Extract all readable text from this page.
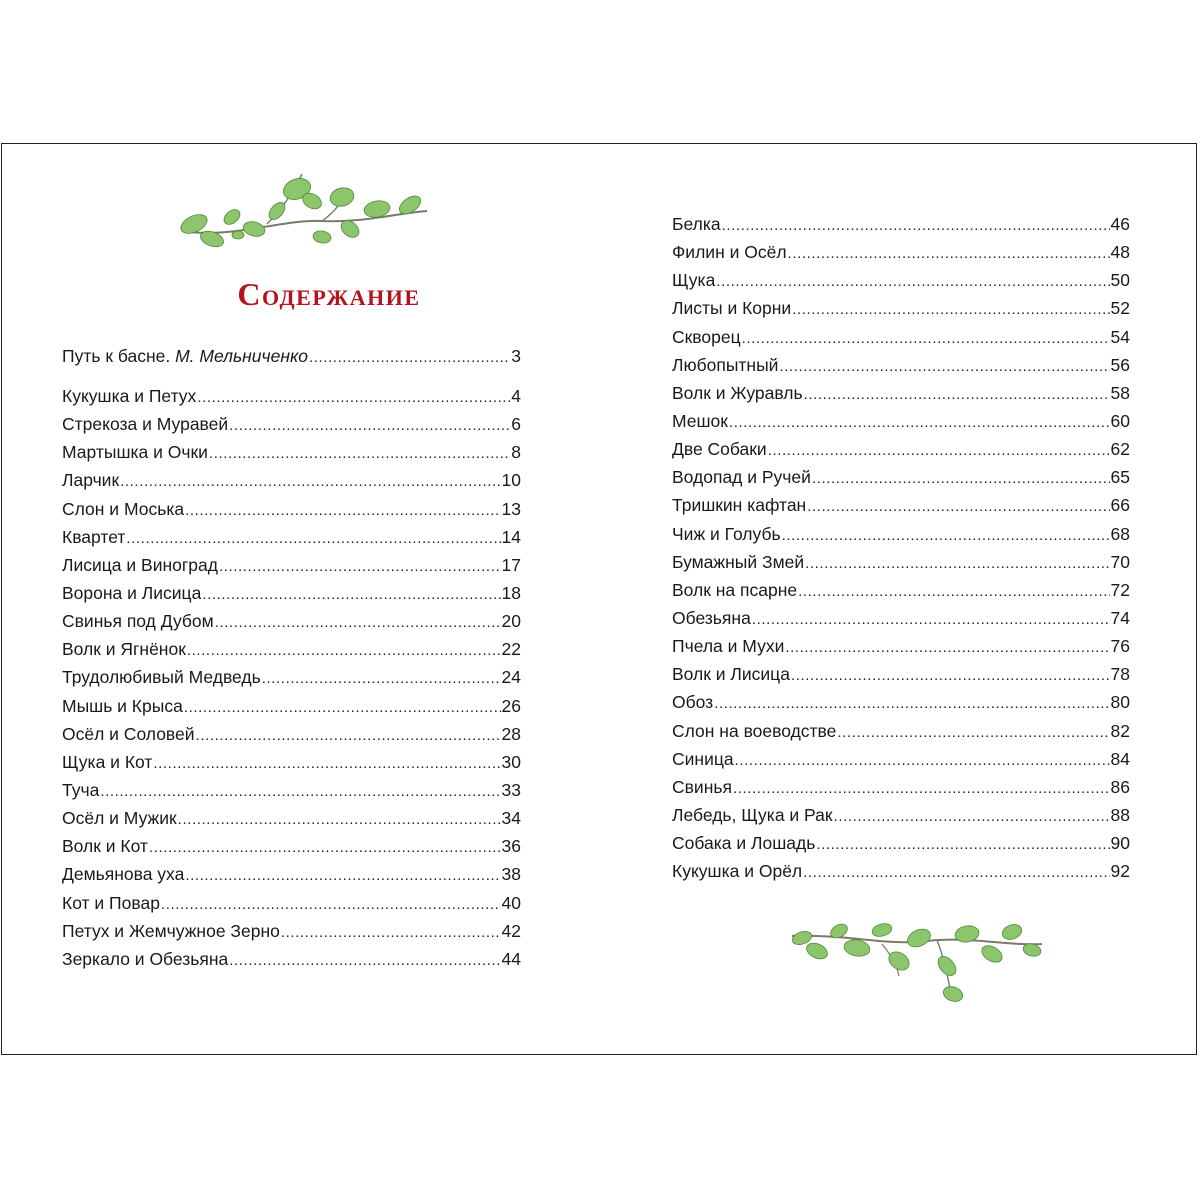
Содержание
Путь к басне. М. Мельниченко .....	3
Кукушка и Петух .....	4
Стрекоза и Муравей .....	6
Мартышка и Очки .....	8
Ларчик .....	10
Слон и Моська .....	13
Квартет .....	14
Лисица и Виноград .....	17
Ворона и Лисица .....	18
Свинья под Дубом .....	20
Волк и Ягнёнок .....	22
Трудолюбивый Медведь .....	24
Мышь и Крыса .....	26
Осёл и Соловей .....	28
Щука и Кот .....	30
Туча .....	33
Осёл и Мужик .....	34
Волк и Кот .....	36
Демьянова уха .....	38
Кот и Повар .....	40
Петух и Жемчужное Зерно .....	42
Зеркало и Обезьяна .....	44
Белка .....	46
Филин и Осёл .....	48
Щука .....	50
Листы и Корни .....	52
Скворец .....	54
Любопытный .....	56
Волк и Журавль .....	58
Мешок .....	60
Две Собаки .....	62
Водопад и Ручей .....	65
Тришкин кафтан .....	66
Чиж и Голубь .....	68
Бумажный Змей .....	70
Волк на псарне .....	72
Обезьяна .....	74
Пчела и Мухи .....	76
Волк и Лисица .....	78
Обоз .....	80
Слон на воеводстве .....	82
Синица .....	84
Свинья .....	86
Лебедь, Щука и Рак .....	88
Собака и Лошадь .....	90
Кукушка и Орёл .....	92
